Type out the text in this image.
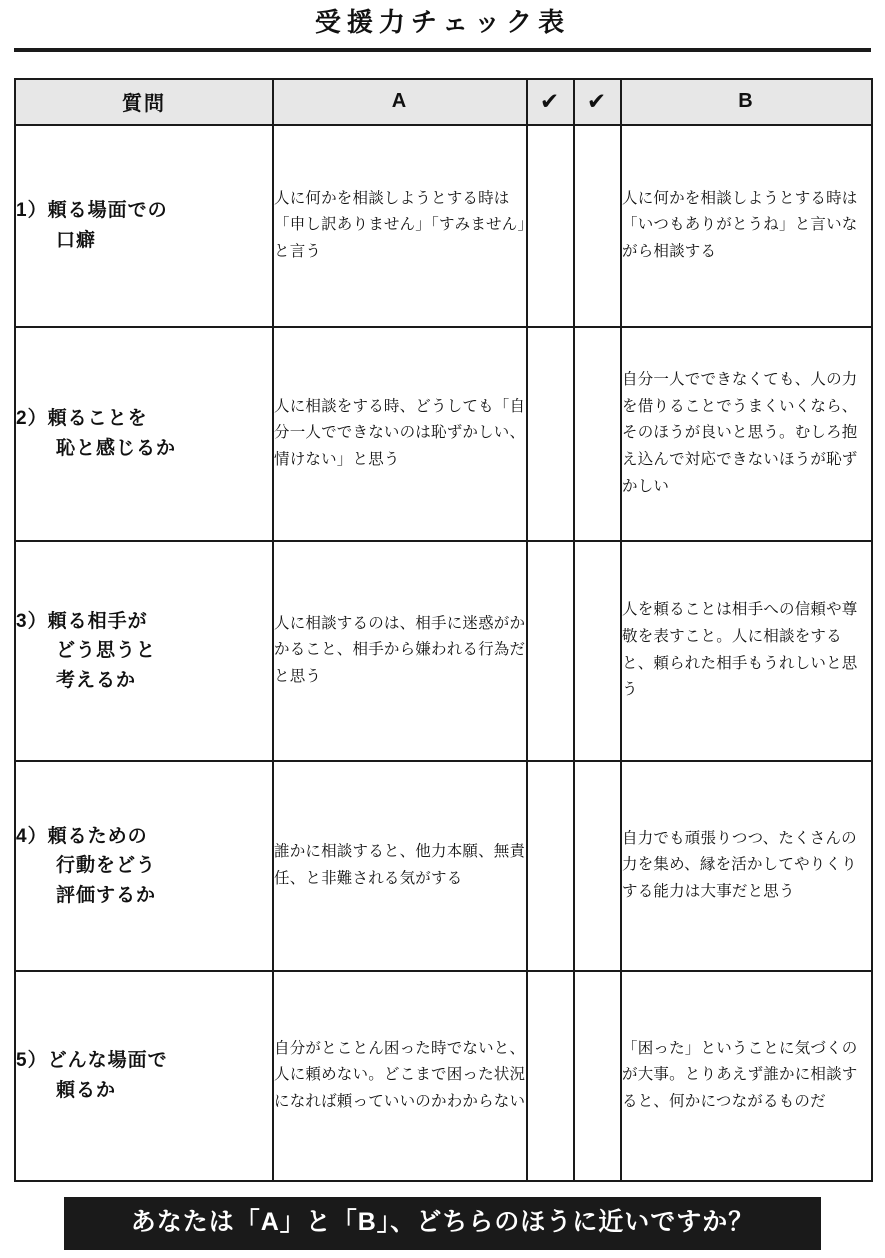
受援力チェック表
質問	A	✔	✔	B
1）頼る場面での
　　口癖	人に何かを相談しようとする時は「申し訳ありません」「すみません」と言う			人に何かを相談しようとする時は「いつもありがとうね」と言いながら相談する
2）頼ることを
　　恥と感じるか	人に相談をする時、どうしても「自分一人でできないのは恥ずかしい、情けない」と思う			自分一人でできなくても、人の力を借りることでうまくいくなら、そのほうが良いと思う。むしろ抱え込んで対応できないほうが恥ずかしい
3）頼る相手が
　　どう思うと
　　考えるか	人に相談するのは、相手に迷惑がかかること、相手から嫌われる行為だと思う			人を頼ることは相手への信頼や尊敬を表すこと。人に相談をすると、頼られた相手もうれしいと思う
4）頼るための
　　行動をどう
　　評価するか	誰かに相談すると、他力本願、無責任、と非難される気がする			自力でも頑張りつつ、たくさんの力を集め、縁を活かしてやりくりする能力は大事だと思う
5）どんな場面で
　　頼るか	自分がとことん困った時でないと、人に頼めない。どこまで困った状況になれば頼っていいのかわからない			「困った」ということに気づくのが大事。とりあえず誰かに相談すると、何かにつながるものだ
あなたは「A」と「B」、どちらのほうに近いですか？
